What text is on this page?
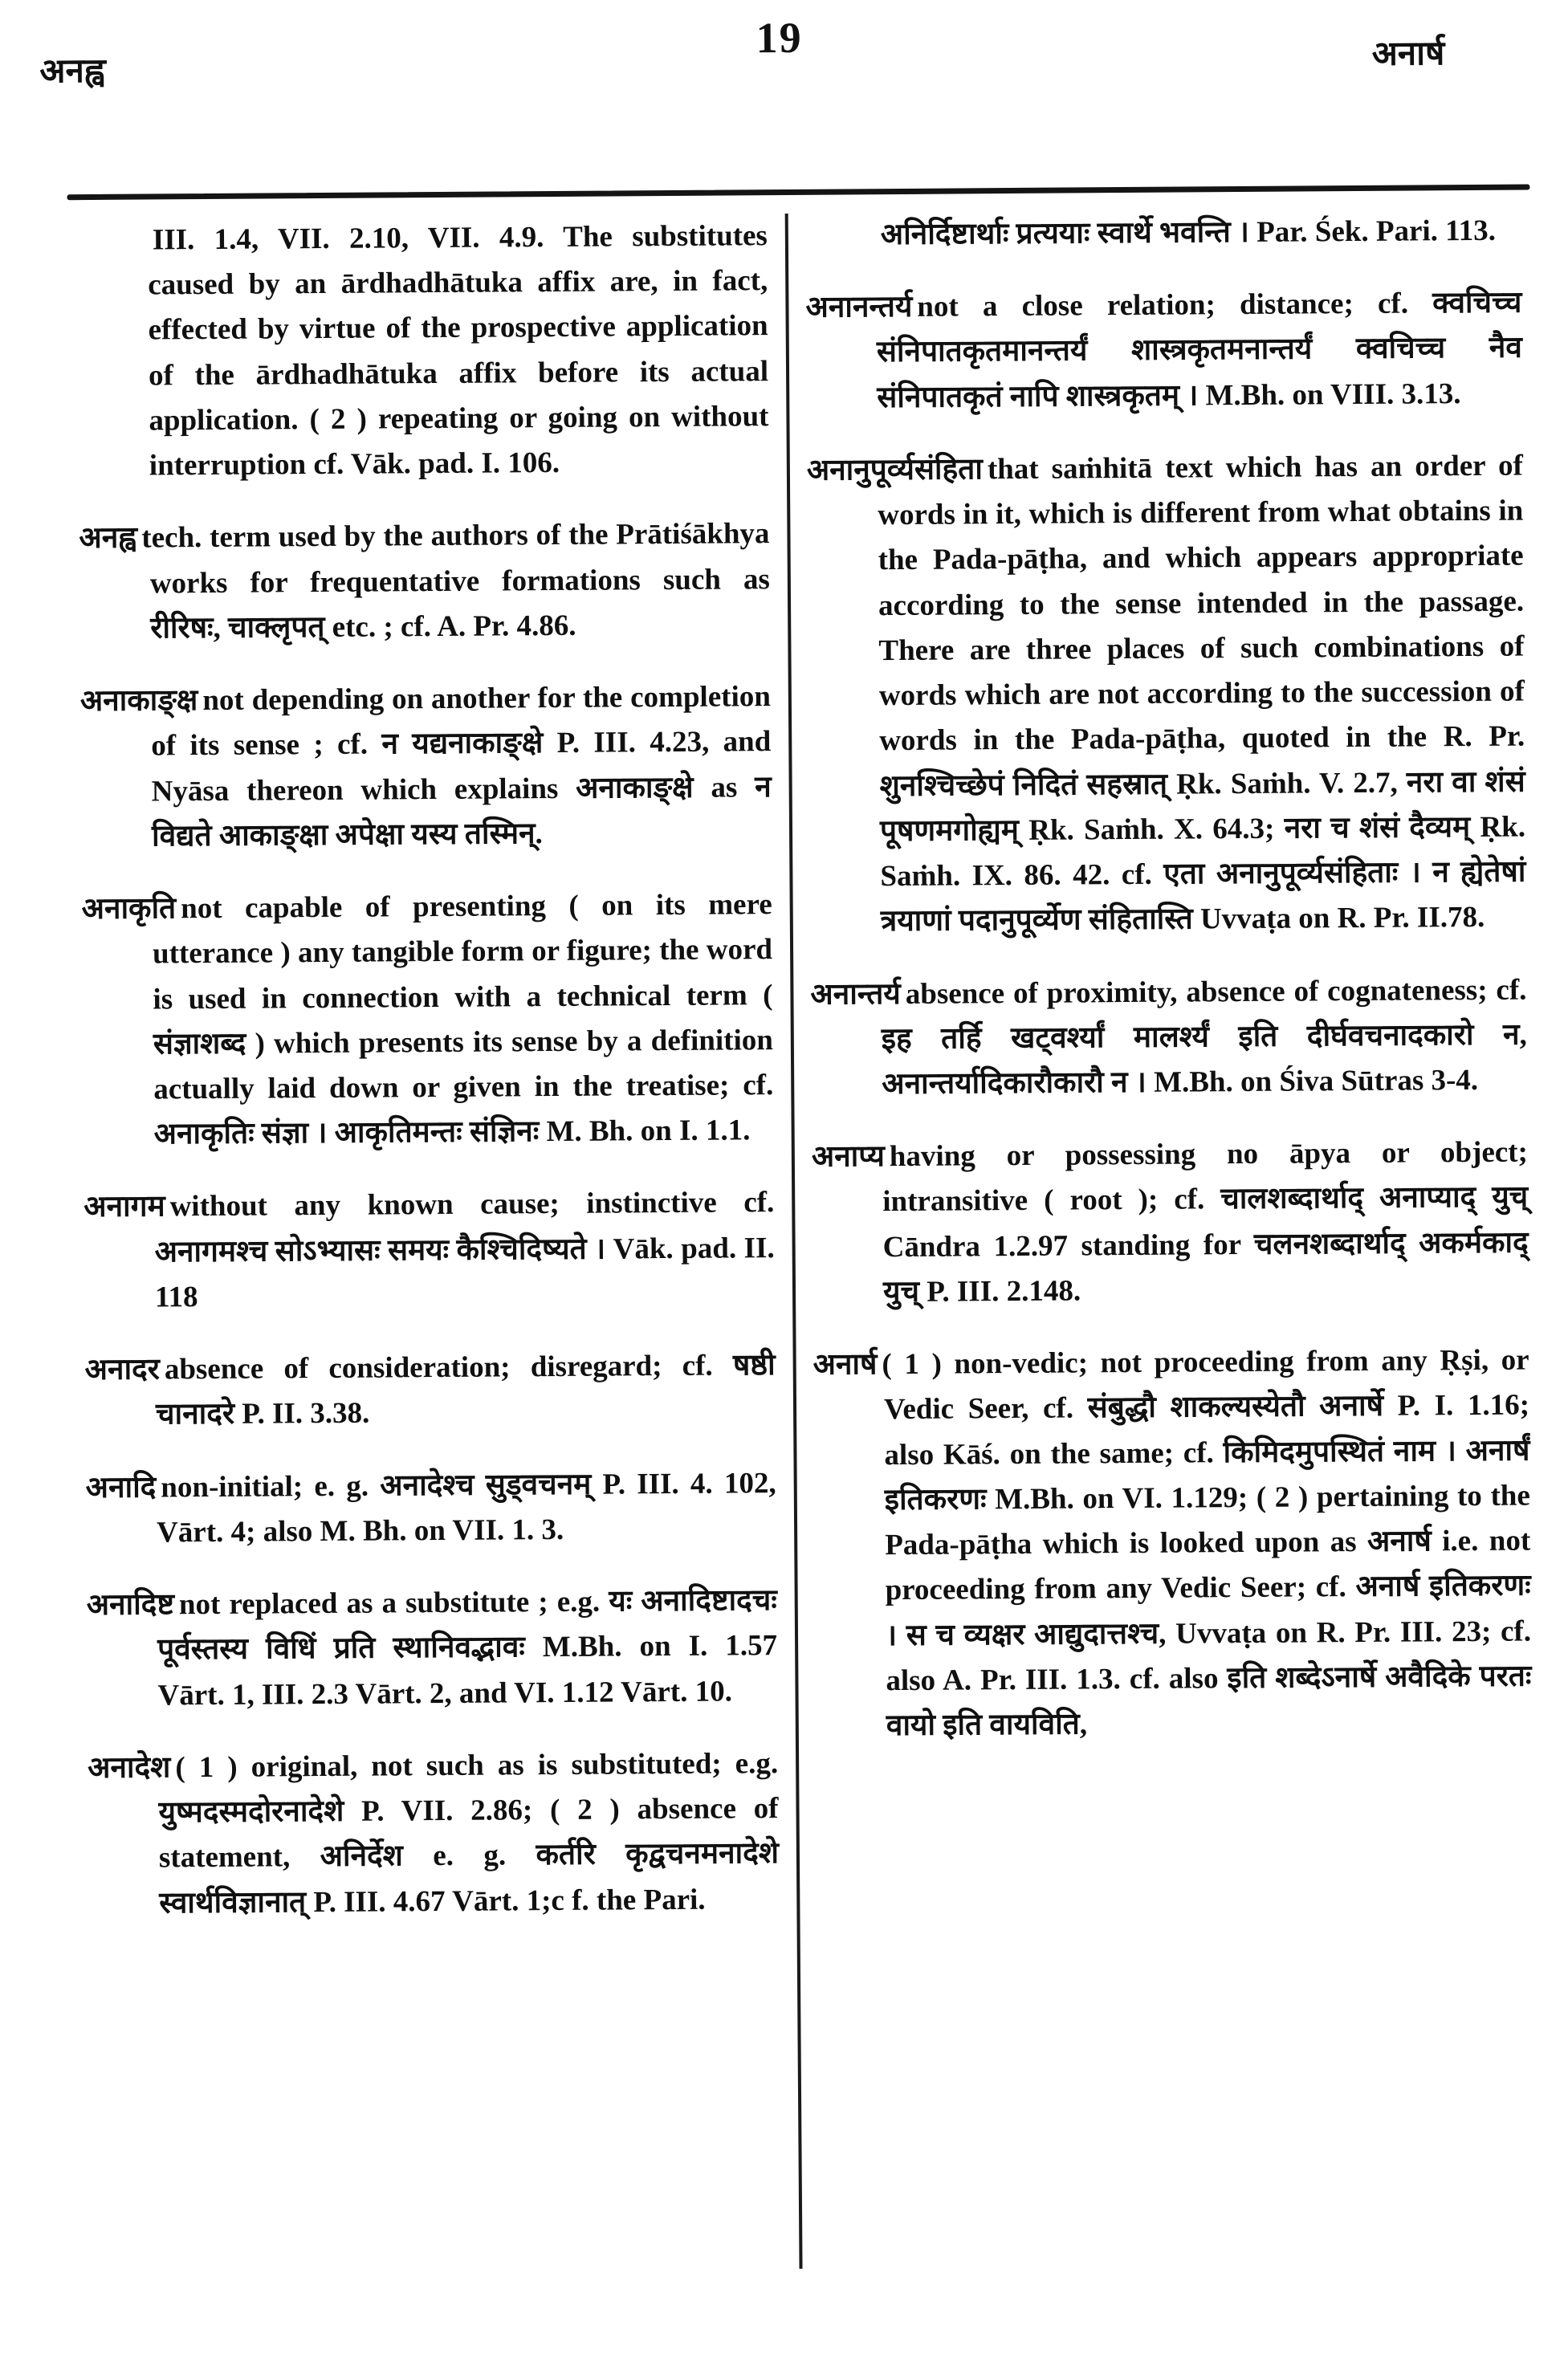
अनह्व
19	अनार्ष
III. 1.4, VII. 2.10, VII. 4.9. The substitutes caused by an ārdhadhātuka affix are, in fact, effected by virtue of the prospective application of the ārdhadhātuka affix before its actual application. ( 2 ) repeating or going on without interruption cf. Vāk. pad. I. 106.
अनह्व tech. term used by the authors of the Prātiśākhya works for frequentative formations such as रीरिषः, चाक्लृपत् etc. ; cf. A. Pr. 4.86.
अनाकाङ्क्ष not depending on another for the completion of its sense ; cf. न यद्यनाकाङ्क्षे P. III. 4.23, and Nyāsa thereon which explains अनाकाङ्क्षे as न विद्यते आकाङ्क्षा अपेक्षा यस्य तस्मिन्.
अनाकृति not capable of presenting ( on its mere utterance ) any tangible form or figure; the word is used in connection with a technical term ( संज्ञाशब्द ) which presents its sense by a definition actually laid down or given in the treatise; cf. अनाकृतिः संज्ञा । आकृतिमन्तः संज्ञिनः M. Bh. on I. 1.1.
अनागम without any known cause; instinctive cf. अनागमश्च सोऽभ्यासः समयः कैश्चिदिष्यते । Vāk. pad. II. 118
अनादर absence of consideration; disregard; cf. षष्ठी चानादरे P. II. 3.38.
अनादि non-initial; e. g. अनादेश्च सुड्वचनम् P. III. 4. 102, Vārt. 4; also M. Bh. on VII. 1. 3.
अनादिष्ट not replaced as a substitute ; e.g. यः अनादिष्टादचः पूर्वस्तस्य विधिं प्रति स्थानिवद्भावः M.Bh. on I. 1.57 Vārt. 1, III. 2.3 Vārt. 2, and VI. 1.12 Vārt. 10.
अनादेश ( 1 ) original, not such as is substituted; e.g. युष्मदस्मदोरनादेशे P. VII. 2.86; ( 2 ) absence of statement, अनिर्देश e. g. कर्तरि कृद्वचनमनादेशे स्वार्थविज्ञानात् P. III. 4.67 Vārt. 1;c f. the Pari.
अनिर्दिष्टार्थाः प्रत्ययाः स्वार्थे भवन्ति । Par. Śek. Pari. 113.
अनानन्तर्य not a close relation; distance; cf. क्वचिच्च संनिपातकृतमानन्तर्यं शास्त्रकृतमनान्तर्यं क्वचिच्च नैव संनिपातकृतं नापि शास्त्रकृतम् । M.Bh. on VIII. 3.13.
अनानुपूर्व्यसंहिता that saṁhitā text which has an order of words in it, which is different from what obtains in the Pada-pāṭha, and which appears appropriate according to the sense intended in the passage. There are three places of such combinations of words which are not according to the succession of words in the Pada-pāṭha, quoted in the R. Pr. शुनश्चिच्छेपं निदितं सहस्रात् Ṛk. Saṁh. V. 2.7, नरा वा शंसं पूषणमगोह्यम् Ṛk. Saṁh. X. 64.3; नरा च शंसं दैव्यम् Ṛk. Saṁh. IX. 86. 42. cf. एता अनानुपूर्व्यसंहिताः । न ह्येतेषां त्रयाणां पदानुपूर्व्येण संहितास्ति Uvvaṭa on R. Pr. II.78.
अनान्तर्य absence of proximity, absence of cognateness; cf. इह तर्हि खट्वर्श्यां मालर्श्यं इति दीर्घवचनादकारो न, अनान्तर्यादिकारौकारौ न । M.Bh. on Śiva Sūtras 3-4.
अनाप्य having or possessing no āpya or object; intransitive ( root ); cf. चालशब्दार्थाद् अनाप्याद् युच् Cāndra 1.2.97 standing for चलनशब्दार्थाद् अकर्मकाद् युच् P. III. 2.148.
अनार्ष ( 1 ) non-vedic; not proceeding from any Ṛṣi, or Vedic Seer, cf. संबुद्धौ शाकल्यस्येतौ अनार्षे P. I. 1.16; also Kāś. on the same; cf. किमिदमुपस्थितं नाम । अनार्षं इतिकरणः M.Bh. on VI. 1.129; ( 2 ) pertaining to the Pada-pāṭha which is looked upon as अनार्ष i.e. not proceeding from any Vedic Seer; cf. अनार्ष इतिकरणः । स च व्यक्षर आद्युदात्तश्च, Uvvaṭa on R. Pr. III. 23; cf. also A. Pr. III. 1.3. cf. also इति शब्देऽनार्षे अवैदिके परतः वायो इति वायविति,
